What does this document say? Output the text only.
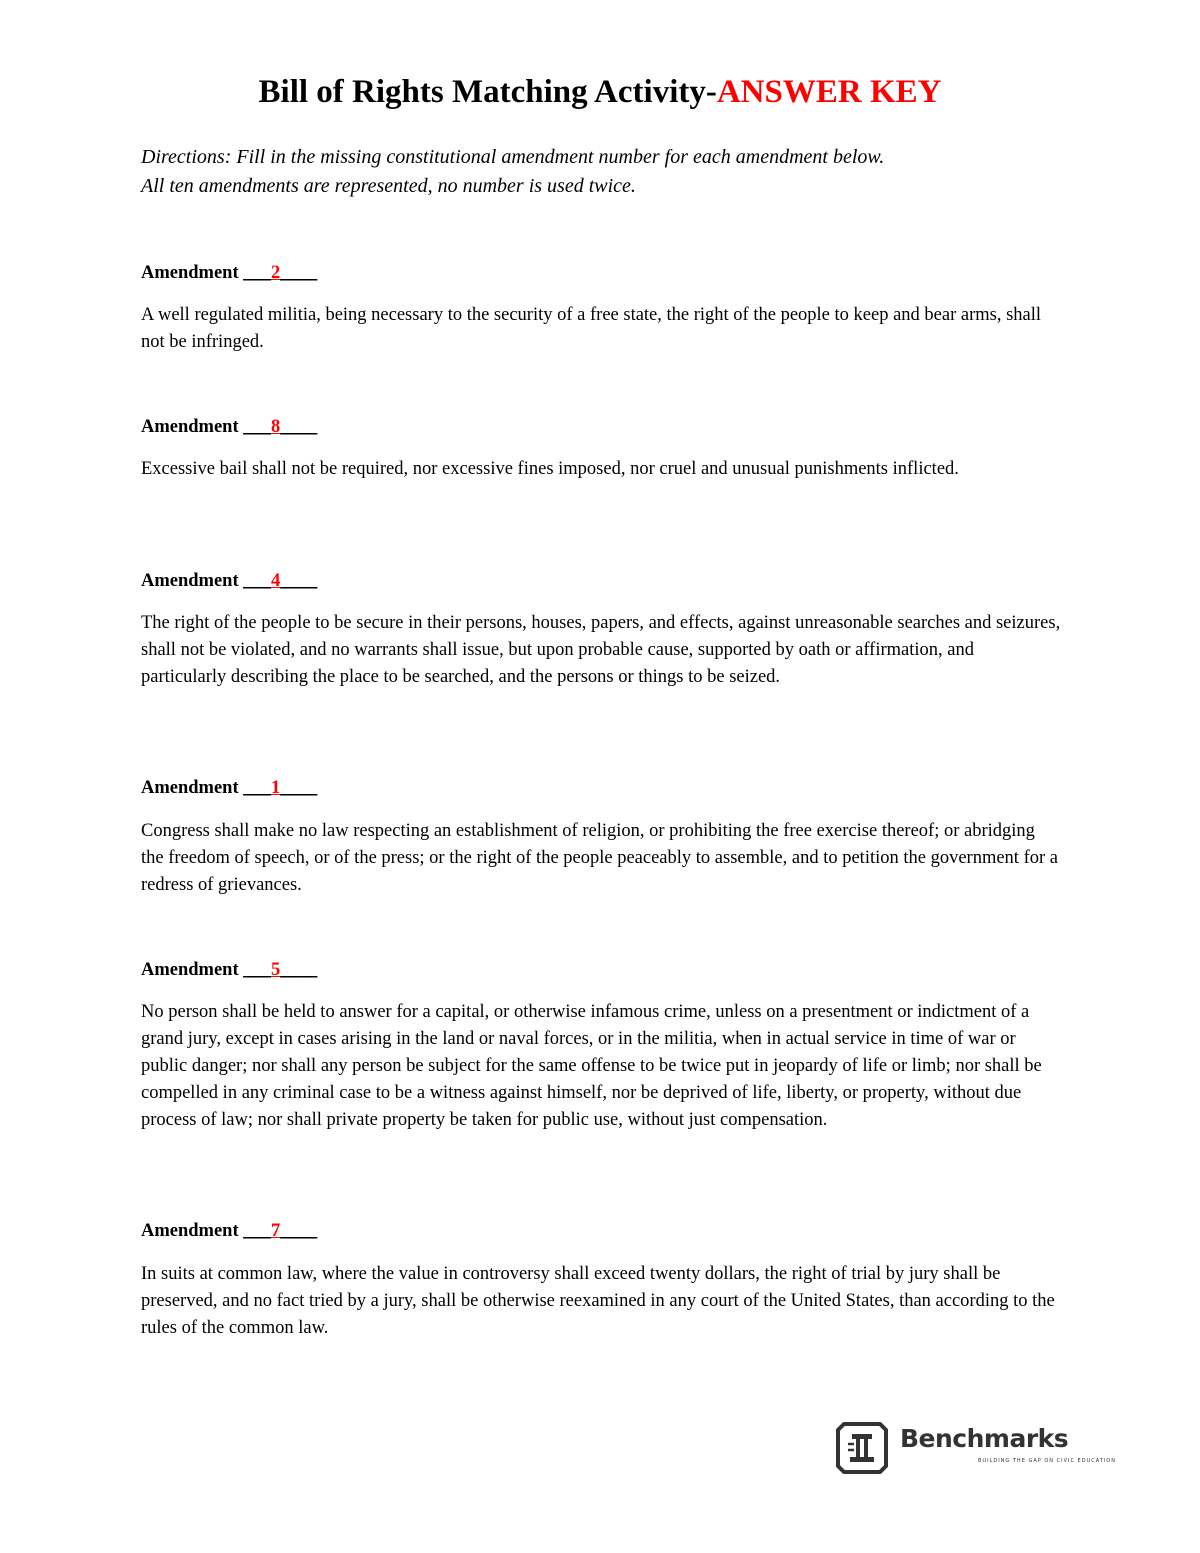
Bill of Rights Matching Activity-ANSWER KEY
Directions: Fill in the missing constitutional amendment number for each amendment below.
All ten amendments are represented, no number is used twice.
Amendment ___2____
A well regulated militia, being necessary to the security of a free state, the right of the people to keep and bear arms, shall not be infringed.
Amendment ___8____
Excessive bail shall not be required, nor excessive fines imposed, nor cruel and unusual punishments inflicted.
Amendment ___4____
The right of the people to be secure in their persons, houses, papers, and effects, against unreasonable searches and seizures, shall not be violated, and no warrants shall issue, but upon probable cause, supported by oath or affirmation, and particularly describing the place to be searched, and the persons or things to be seized.
Amendment ___1____
Congress shall make no law respecting an establishment of religion, or prohibiting the free exercise thereof; or abridging the freedom of speech, or of the press; or the right of the people peaceably to assemble, and to petition the government for a redress of grievances.
Amendment ___5____
No person shall be held to answer for a capital, or otherwise infamous crime, unless on a presentment or indictment of a grand jury, except in cases arising in the land or naval forces, or in the militia, when in actual service in time of war or public danger; nor shall any person be subject for the same offense to be twice put in jeopardy of life or limb; nor shall be compelled in any criminal case to be a witness against himself, nor be deprived of life, liberty, or property, without due process of law; nor shall private property be taken for public use, without just compensation.
Amendment ___7____
In suits at common law, where the value in controversy shall exceed twenty dollars, the right of trial by jury shall be preserved, and no fact tried by a jury, shall be otherwise reexamined in any court of the United States, than according to the rules of the common law.
Benchmarks
BUILDING THE GAP ON CIVIC EDUCATION
